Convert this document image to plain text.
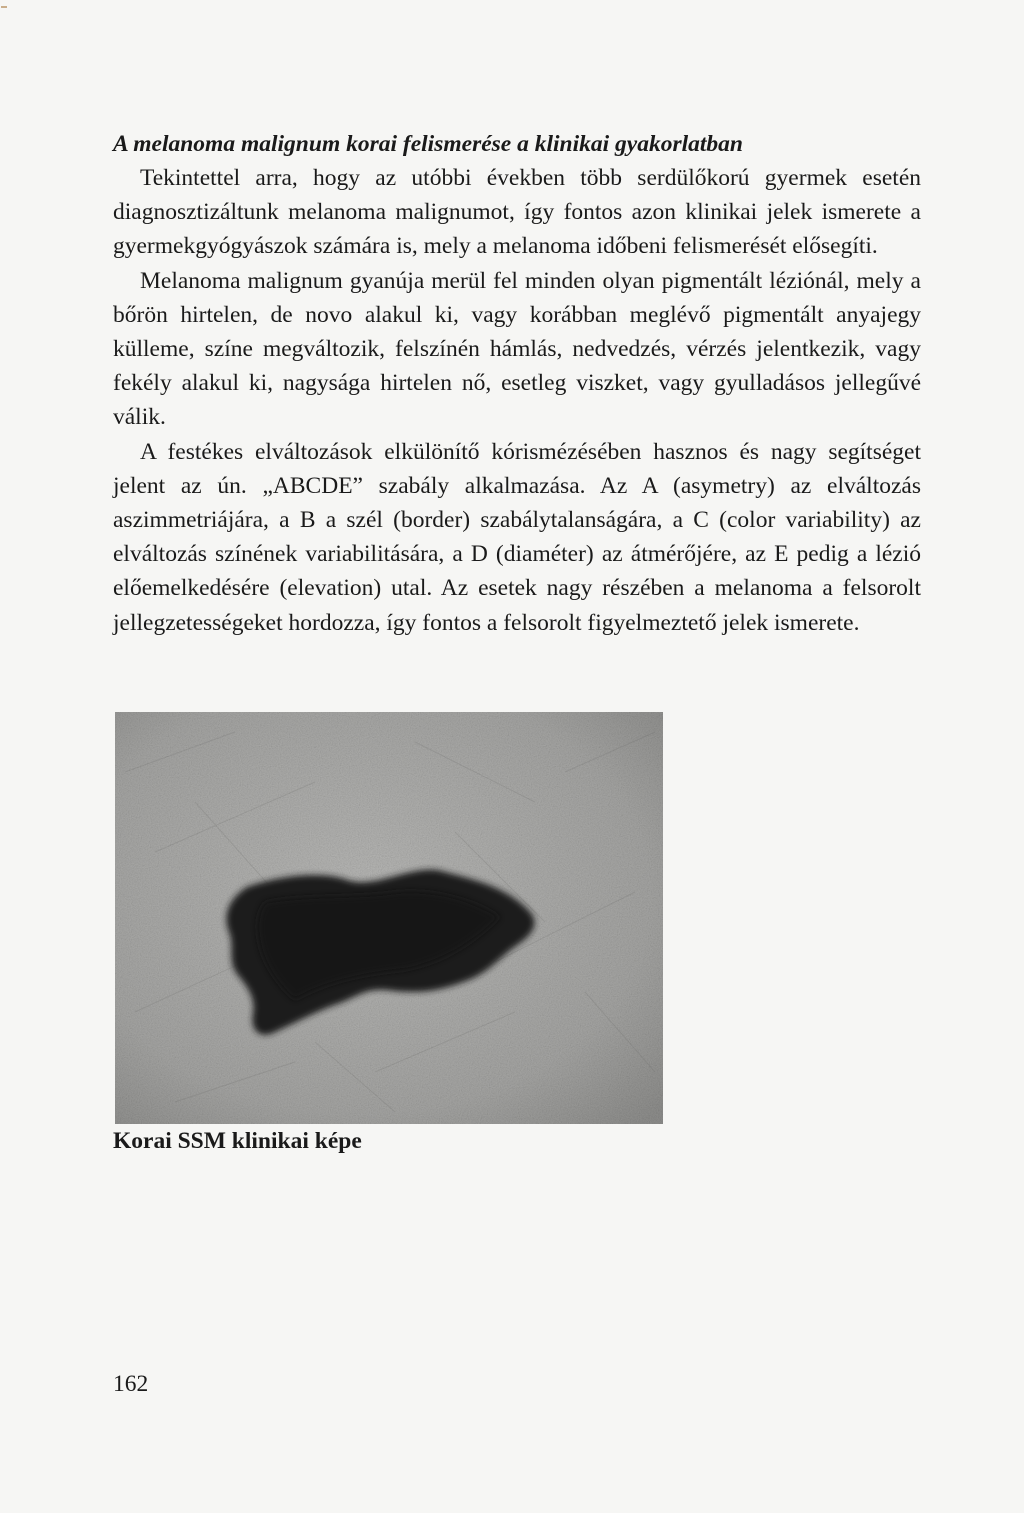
A melanoma malignum korai felismerése a klinikai gyakorlatban

Tekintettel arra, hogy az utóbbi években több serdülőkorú gyermek esetén diagnosztizáltunk melanoma malignumot, így fontos azon klinikai jelek ismerete a gyermekgyógyászok számára is, mely a melanoma időbeni felismerését elősegíti.

Melanoma malignum gyanúja merül fel minden olyan pigmentált léziónál, mely a bőrön hirtelen, de novo alakul ki, vagy korábban meglévő pigmentált anyajegy külleme, színe megváltozik, felszínén hámlás, nedvedzés, vérzés jelentkezik, vagy fekély alakul ki, nagysága hirtelen nő, esetleg viszket, vagy gyulladásos jellegűvé válik.

A festékes elváltozások elkülönítő kórismézésében hasznos és nagy segítséget jelent az ún. „ABCDE” szabály alkalmazása. Az A (asymetry) az elváltozás aszimmetriájára, a B a szél (border) szabálytalanságára, a C (color variability) az elváltozás színének variabilitására, a D (diaméter) az átmérőjére, az E pedig a lézió előemelkedésére (elevation) utal. Az esetek nagy részében a melanoma a felsorolt jellegzetességeket hordozza, így fontos a felsorolt figyelmeztető jelek ismerete.

Korai SSM klinikai képe
162
